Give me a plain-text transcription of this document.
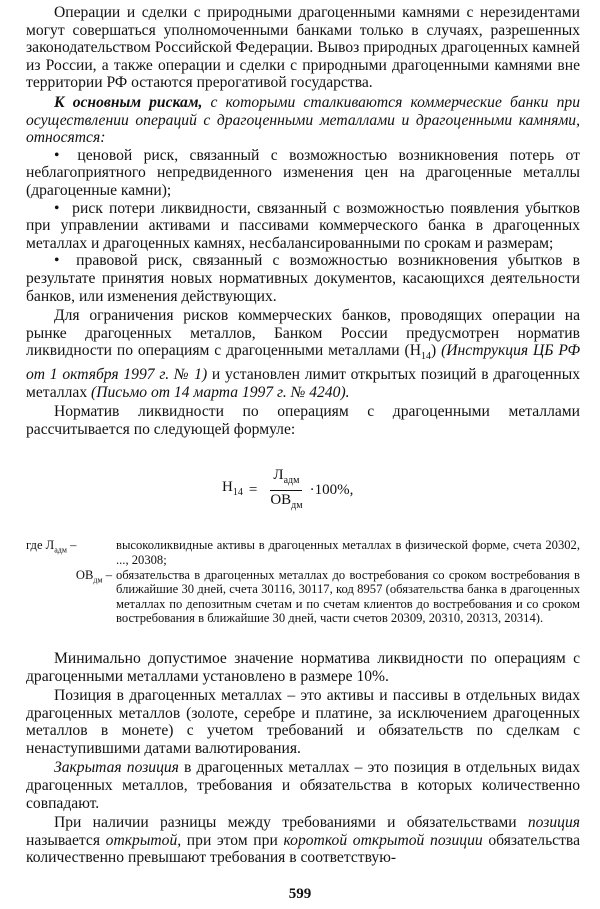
Операции и сделки с природными драгоценными камнями с нерезидентами могут совершаться уполномоченными банками только в случаях, разрешенных законодательством Российской Федерации. Вывоз природных драгоценных камней из России, а также операции и сделки с природными драгоценными камнями вне территории РФ остаются прерогативой государства.

К основным рискам, с которыми сталкиваются коммерческие банки при осуществлении операций с драгоценными металлами и драгоценными камнями, относятся:

• ценовой риск, связанный с возможностью возникновения потерь от неблагоприятного непредвиденного изменения цен на драгоценные металлы (драгоценные камни);
• риск потери ликвидности, связанный с возможностью появления убытков при управлении активами и пассивами коммерческого банка в драгоценных металлах и драгоценных камнях, несбалансированными по срокам и размерам;
• правовой риск, связанный с возможностью возникновения убытков в результате принятия новых нормативных документов, касающихся деятельности банков, или изменения действующих.

Для ограничения рисков коммерческих банков, проводящих операции на рынке драгоценных металлов, Банком России предусмотрен норматив ликвидности по операциям с драгоценными металлами $(Н_{14})$ (Инструкция ЦБ РФ от 1 октября 1997 г. № 1) и установлен лимит открытых позиций в драгоценных металлах (Письмо от 14 марта 1997 г. № 4240).

Норматив ликвидности по операциям с драгоценными металлами рассчитывается по следующей формуле:

$Н_{14} = \frac{Л_{адм}}{ОВ_{дм}} \cdot 100\%$,
где $Л_{адм}$ –	высоколиквидные активы в драгоценных металлах в физической форме, счета 20302, ..., 20308;
$ОВ_{дм}$ – обязательства в драгоценных металлах до востребования со сроком востребования в ближайшие 30 дней, счета 30116, 30117, код 8957 (обязательства банка в драгоценных металлах по депозитным счетам и по счетам клиентов до востребования и со сроком востребования в ближайшие 30 дней, части счетов 20309, 20310, 20313, 20314).

Минимально допустимое значение норматива ликвидности по операциям с драгоценными металлами установлено в размере 10%.

Позиция в драгоценных металлах – это активы и пассивы в отдельных видах драгоценных металлов (золоте, серебре и платине, за исключением драгоценных металлов в монете) с учетом требований и обязательств по сделкам с ненаступившими датами валютирования.

Закрытая позиция в драгоценных металлах – это позиция в отдельных видах драгоценных металлов, требования и обязательства в которых количественно совпадают.

При наличии разницы между требованиями и обязательствами позиция называется открытой, при этом при короткой открытой позиции обязательства количественно превышают требования в соответствую-

599
